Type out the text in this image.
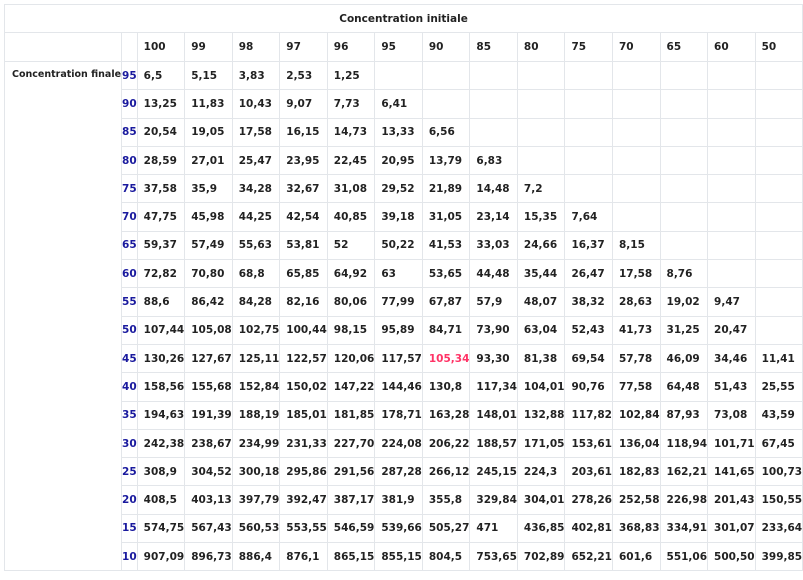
Concentration initiale															
		100	99	98	97	96	95	90	85	80	75	70	65	60	50
Concentration finale	95	6,5	5,15	3,83	2,53	1,25									
	90	13,25	11,83	10,43	9,07	7,73	6,41								
	85	20,54	19,05	17,58	16,15	14,73	13,33	6,56							
	80	28,59	27,01	25,47	23,95	22,45	20,95	13,79	6,83						
	75	37,58	35,9	34,28	32,67	31,08	29,52	21,89	14,48	7,2					
	70	47,75	45,98	44,25	42,54	40,85	39,18	31,05	23,14	15,35	7,64				
	65	59,37	57,49	55,63	53,81	52	50,22	41,53	33,03	24,66	16,37	8,15			
	60	72,82	70,80	68,8	65,85	64,92	63	53,65	44,48	35,44	26,47	17,58	8,76		
	55	88,6	86,42	84,28	82,16	80,06	77,99	67,87	57,9	48,07	38,32	28,63	19,02	9,47	
	50	107,44	105,08	102,75	100,44	98,15	95,89	84,71	73,90	63,04	52,43	41,73	31,25	20,47	
	45	130,26	127,67	125,11	122,57	120,06	117,57	105,34	93,30	81,38	69,54	57,78	46,09	34,46	11,41
	40	158,56	155,68	152,84	150,02	147,22	144,46	130,8	117,34	104,01	90,76	77,58	64,48	51,43	25,55
	35	194,63	191,39	188,19	185,01	181,85	178,71	163,28	148,01	132,88	117,82	102,84	87,93	73,08	43,59
	30	242,38	238,67	234,99	231,33	227,70	224,08	206,22	188,57	171,05	153,61	136,04	118,94	101,71	67,45
	25	308,9	304,52	300,18	295,86	291,56	287,28	266,12	245,15	224,3	203,61	182,83	162,21	141,65	100,73
	20	408,5	403,13	397,79	392,47	387,17	381,9	355,8	329,84	304,01	278,26	252,58	226,98	201,43	150,55
	15	574,75	567,43	560,53	553,55	546,59	539,66	505,27	471	436,85	402,81	368,83	334,91	301,07	233,64
	10	907,09	896,73	886,4	876,1	865,15	855,15	804,5	753,65	702,89	652,21	601,6	551,06	500,50	399,85
